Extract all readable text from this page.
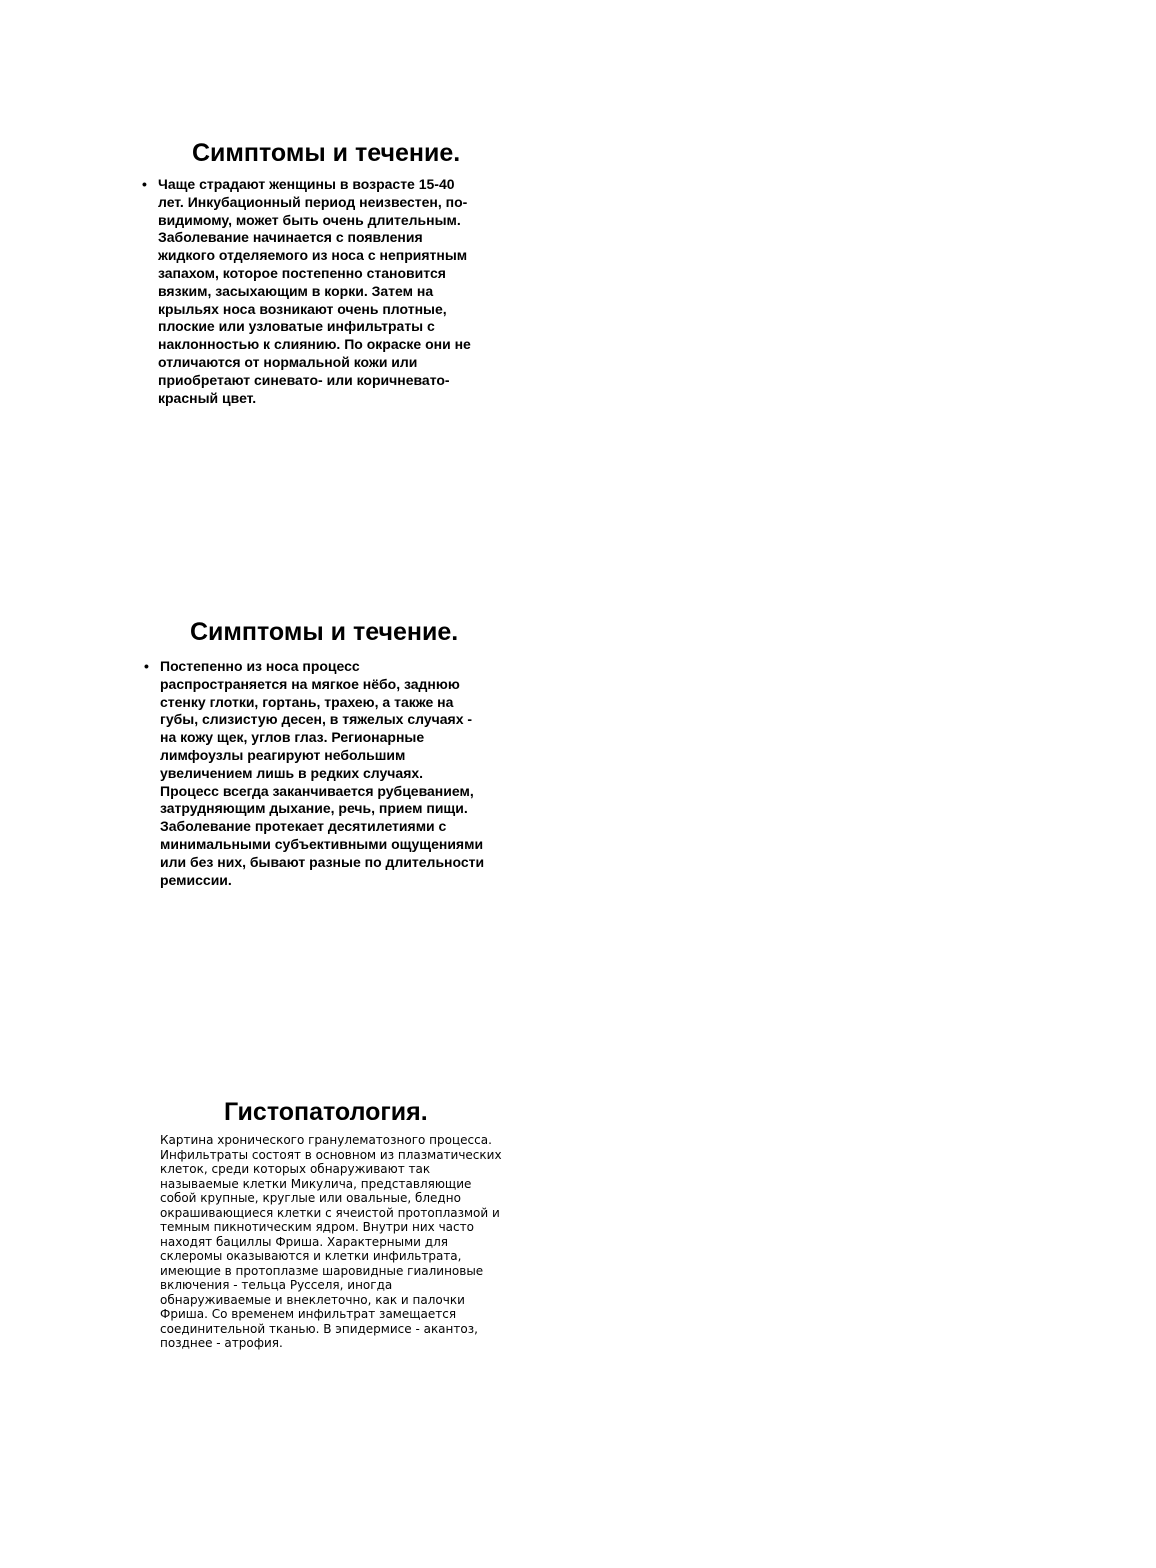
Симптомы и течение.
• Чаще страдают женщины в возрасте 15-40
лет. Инкубационный период неизвестен, по-
видимому, может быть очень длительным.
Заболевание начинается с появления
жидкого отделяемого из носа с неприятным
запахом, которое постепенно становится
вязким, засыхающим в корки. Затем на
крыльях носа возникают очень плотные,
плоские или узловатые инфильтраты с
наклонностью к слиянию. По окраске они не
отличаются от нормальной кожи или
приобретают синевато- или коричневато-
красный цвет.
Симптомы и течение.
• Постепенно из носа процесс
распространяется на мягкое нёбо, заднюю
стенку глотки, гортань, трахею, а также на
губы, слизистую десен, в тяжелых случаях -
на кожу щек, углов глаз. Регионарные
лимфоузлы реагируют небольшим
увеличением лишь в редких случаях.
Процесс всегда заканчивается рубцеванием,
затрудняющим дыхание, речь, прием пищи.
Заболевание протекает десятилетиями с
минимальными субъективными ощущениями
или без них, бывают разные по длительности
ремиссии.
Гистопатология.
Картина хронического гранулематозного процесса.
Инфильтраты состоят в основном из плазматических
клеток, среди которых обнаруживают так
называемые клетки Микулича, представляющие
собой крупные, круглые или овальные, бледно
окрашивающиеся клетки с ячеистой протоплазмой и
темным пикнотическим ядром. Внутри них часто
находят бациллы Фриша. Характерными для
склеромы оказываются и клетки инфильтрата,
имеющие в протоплазме шаровидные гиалиновые
включения - тельца Русселя, иногда
обнаруживаемые и внеклеточно, как и палочки
Фриша. Со временем инфильтрат замещается
соединительной тканью. В эпидермисе - акантоз,
позднее - атрофия.
